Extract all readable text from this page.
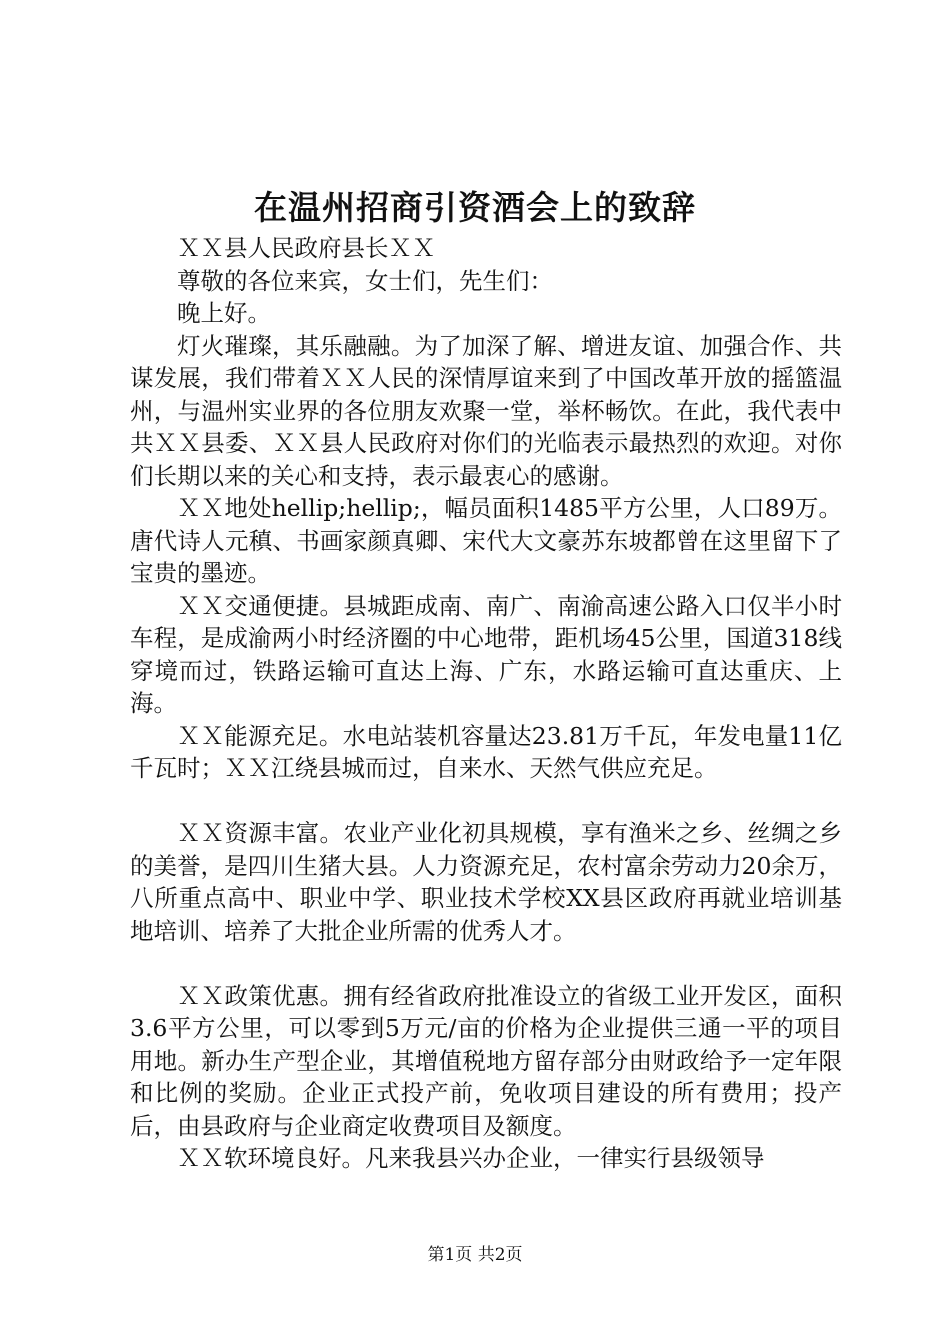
在温州招商引资酒会上的致辞

ＸＸ县人民政府县长ＸＸ

尊敬的各位来宾，女士们，先生们：

晚上好。

灯火璀璨，其乐融融。为了加深了解、增进友谊、加强合作、共谋发展，我们带着ＸＸ人民的深情厚谊来到了中国改革开放的摇篮温州，与温州实业界的各位朋友欢聚一堂，举杯畅饮。在此，我代表中共ＸＸ县委、ＸＸ县人民政府对你们的光临表示最热烈的欢迎。对你们长期以来的关心和支持，表示最衷心的感谢。

ＸＸ地处hellip;hellip;，幅员面积1485平方公里，人口89万。唐代诗人元稹、书画家颜真卿、宋代大文豪苏东坡都曾在这里留下了宝贵的墨迹。

ＸＸ交通便捷。县城距成南、南广、南渝高速公路入口仅半小时车程，是成渝两小时经济圈的中心地带，距机场45公里，国道318线穿境而过，铁路运输可直达上海、广东，水路运输可直达重庆、上海。

ＸＸ能源充足。水电站装机容量达23.81万千瓦，年发电量11亿千瓦时；ＸＸ江绕县城而过，自来水、天然气供应充足。

ＸＸ资源丰富。农业产业化初具规模，享有渔米之乡、丝绸之乡的美誉，是四川生猪大县。人力资源充足，农村富余劳动力20余万，八所重点高中、职业中学、职业技术学校XX县区政府再就业培训基地培训、培养了大批企业所需的优秀人才。

ＸＸ政策优惠。拥有经省政府批准设立的省级工业开发区，面积3.6平方公里，可以零到5万元/亩的价格为企业提供三通一平的项目用地。新办生产型企业，其增值税地方留存部分由财政给予一定年限和比例的奖励。企业正式投产前，免收项目建设的所有费用；投产后，由县政府与企业商定收费项目及额度。

ＸＸ软环境良好。凡来我县兴办企业，一律实行县级领导

第1页 共2页
